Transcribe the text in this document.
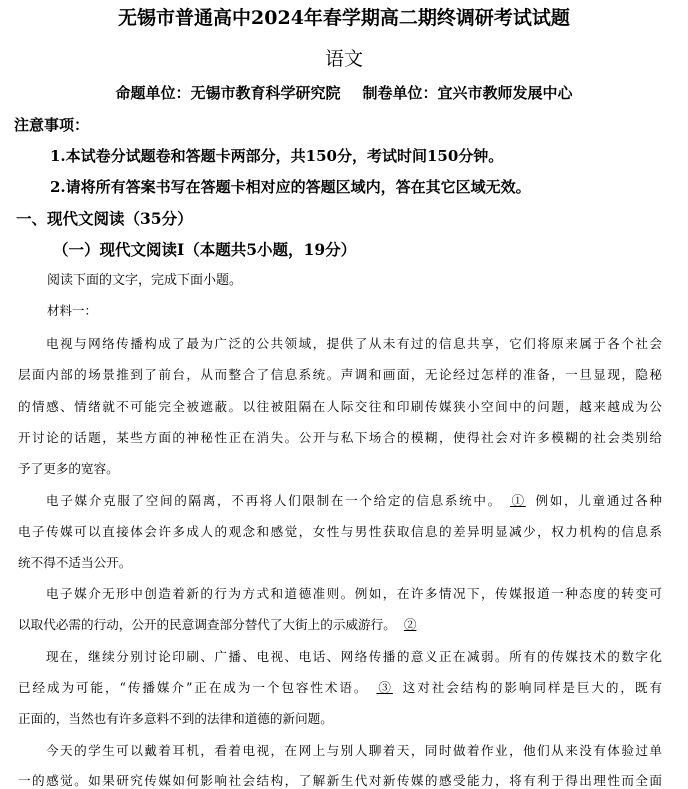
无锡市普通高中2024年春学期高二期终调研考试试题
语文
命题单位：无锡市教育科学研究院 制卷单位：宜兴市教师发展中心
注意事项：
1.本试卷分试题卷和答题卡两部分，共150分，考试时间150分钟。
2.请将所有答案书写在答题卡相对应的答题区域内，答在其它区域无效。
一、现代文阅读（35分）
（一）现代文阅读Ⅰ（本题共5小题，19分）
阅读下面的文字，完成下面小题。
材料一：
电视与网络传播构成了最为广泛的公共领域，提供了从未有过的信息共享，它们将原来属于各个社会
层面内部的场景推到了前台，从而整合了信息系统。声调和画面，无论经过怎样的准备，一旦显现，隐秘
的情感、情绪就不可能完全被遮蔽。以往被阻隔在人际交往和印刷传媒狭小空间中的问题，越来越成为公
开讨论的话题，某些方面的神秘性正在消失。公开与私下场合的模糊，使得社会对许多模糊的社会类别给
予了更多的宽容。
电子媒介克服了空间的隔离，不再将人们限制在一个给定的信息系统中。  ①  例如，儿童通过各种
电子传媒可以直接体会许多成人的观念和感觉，女性与男性获取信息的差异明显减少，权力机构的信息系
统不得不适当公开。
电子媒介无形中创造着新的行为方式和道德准则。例如，在许多情况下，传媒报道一种态度的转变可
以取代必需的行动，公开的民意调查部分替代了大街上的示威游行。  ②
现在，继续分别讨论印刷、广播、电视、电话、网络传播的意义正在减弱。所有的传媒技术的数字化
已经成为可能，“传播媒介”正在成为一个包容性术语。  ③  这对社会结构的影响同样是巨大的，既有
正面的，当然也有许多意料不到的法律和道德的新问题。
今天的学生可以戴着耳机，看着电视，在网上与别人聊着天，同时做着作业，他们从来没有体验过单
一的感觉。如果研究传媒如何影响社会结构，了解新生代对新传媒的感受能力，将有利于得出理性而全面
